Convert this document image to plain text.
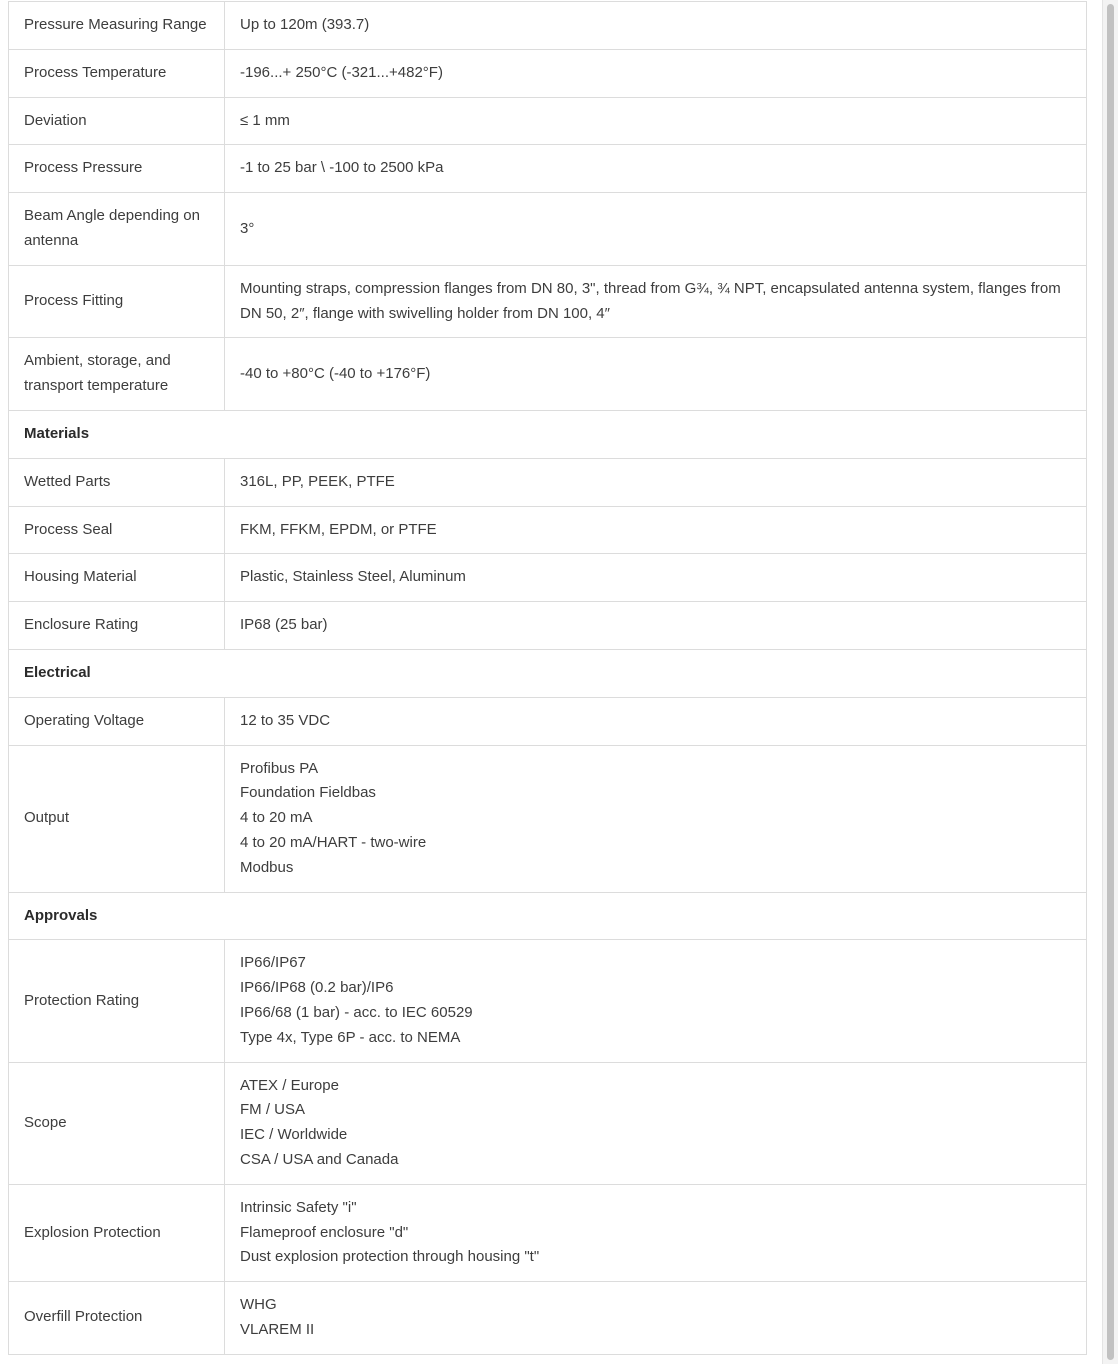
Pressure Measuring Range	Up to 120m (393.7)

Process Temperature	-196...+ 250°C (-321...+482°F)

Deviation	≤ 1 mm

Process Pressure	-1 to 25 bar \ -100 to 2500 kPa

Beam Angle depending on antenna	3°

Process Fitting	Mounting straps, compression flanges from DN 80, 3", thread from G¾, ¾ NPT, encapsulated antenna system, flanges from DN 50, 2″, flange with swivelling holder from DN 100, 4″

Ambient, storage, and transport temperature	-40 to +80°C (-40 to +176°F)

Materials	
Wetted Parts	316L, PP, PEEK, PTFE

Process Seal	FKM, FFKM, EPDM, or PTFE

Housing Material	Plastic, Stainless Steel, Aluminum

Enclosure Rating	IP68 (25 bar)

Electrical	
Operating Voltage	12 to 35 VDC

Output	Profibus PA
Foundation Fieldbas
4 to 20 mA
4 to 20 mA/HART - two-wire
Modbus

Approvals	
Protection Rating	IP66/IP67
IP66/IP68 (0.2 bar)/IP6
IP66/68 (1 bar) - acc. to IEC 60529
Type 4x, Type 6P - acc. to NEMA

Scope	ATEX / Europe
FM / USA
IEC / Worldwide
CSA / USA and Canada

Explosion Protection	Intrinsic Safety "i"
Flameproof enclosure "d"
Dust explosion protection through housing "t"

Overfill Protection	WHG
VLAREM II
